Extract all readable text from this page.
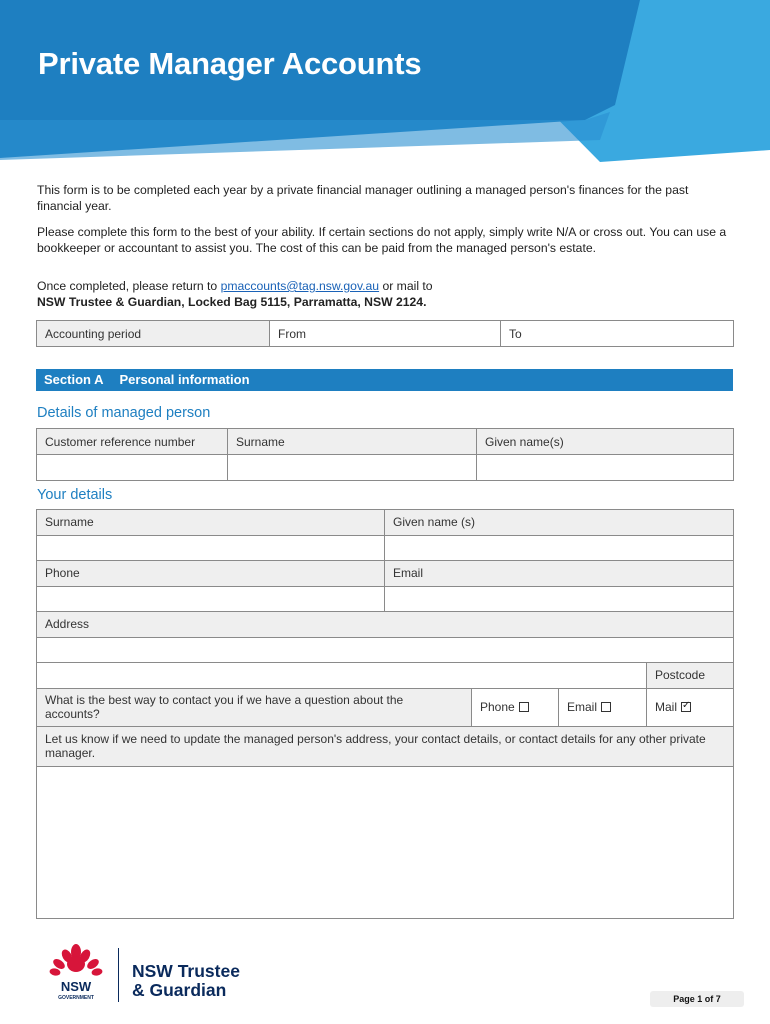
Private Manager Accounts

This form is to be completed each year by a private financial manager outlining a managed person's finances for the past financial year.

Please complete this form to the best of your ability. If certain sections do not apply, simply write N/A or cross out. You can use a bookkeeper or accountant to assist you. The cost of this can be paid from the managed person's estate.

Once completed, please return to pmaccounts@tag.nsw.gov.au or mail to
NSW Trustee & Guardian, Locked Bag 5115, Parramatta, NSW 2124.

Accounting period	From	To
Section A Personal information
Details of managed person
Customer reference number	Surname	Given name(s)

Your details
Surname	Given name (s)			

Phone	Email			

Address				

				Postcode
What is the best way to contact you if we have a question about the accounts?		Phone	Email	Mail✓
Let us know if we need to update the managed person's address, your contact details, or contact details for any other private manager.				

NSW
GOVERNMENT
NSW Trustee
& Guardian	Page 1 of 7
